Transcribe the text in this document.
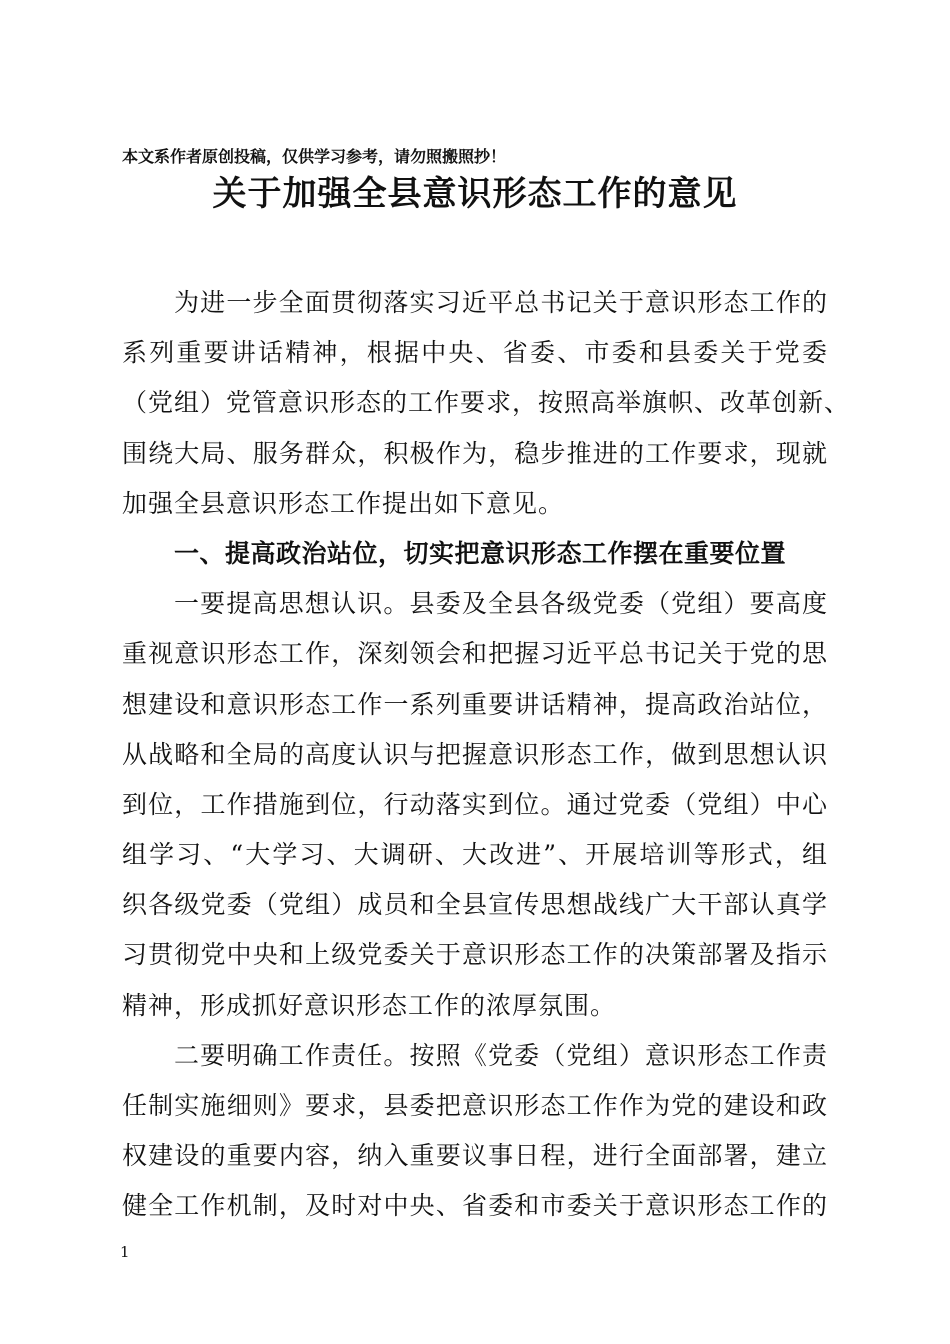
本文系作者原创投稿，仅供学习参考，请勿照搬照抄！
关于加强全县意识形态工作的意见
为进一步全面贯彻落实习近平总书记关于意识形态工作的
系列重要讲话精神，根据中央、省委、市委和县委关于党委
（党组）党管意识形态的工作要求，按照高举旗帜、改革创新、
围绕大局、服务群众，积极作为，稳步推进的工作要求，现就
加强全县意识形态工作提出如下意见。
一、提高政治站位，切实把意识形态工作摆在重要位置
一要提高思想认识。县委及全县各级党委（党组）要高度
重视意识形态工作，深刻领会和把握习近平总书记关于党的思
想建设和意识形态工作一系列重要讲话精神，提高政治站位，
从战略和全局的高度认识与把握意识形态工作，做到思想认识
到位，工作措施到位，行动落实到位。通过党委（党组）中心
组学习、“大学习、大调研、大改进”、开展培训等形式，组
织各级党委（党组）成员和全县宣传思想战线广大干部认真学
习贯彻党中央和上级党委关于意识形态工作的决策部署及指示
精神，形成抓好意识形态工作的浓厚氛围。
二要明确工作责任。按照《党委（党组）意识形态工作责
任制实施细则》要求，县委把意识形态工作作为党的建设和政
权建设的重要内容，纳入重要议事日程，进行全面部署，建立
健全工作机制，及时对中央、省委和市委关于意识形态工作的
1
